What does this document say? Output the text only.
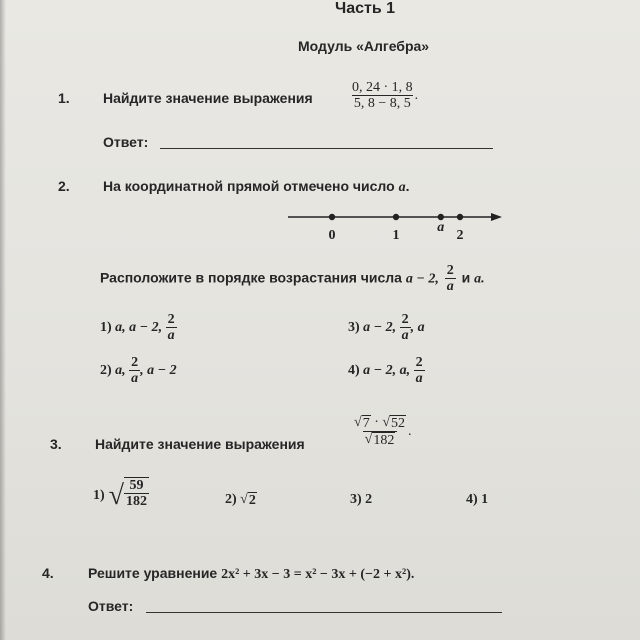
Часть 1
Модуль «Алгебра»
1. Найдите значение выражения	$\frac{0, 24 \cdot 1, 8}{5, 8 - 8, 5}$ .
Ответ:
2. На координатной прямой отмечено число a.
0	1
a
2
Расположите в порядке возрастания числа a − 2, $\frac{2}{a}$ и a.
1) a, a − 2, $\frac{2}{a}$	3) a − 2, $\frac{2}{a}$ , a
2) a, $\frac{2}{a}$ , a − 2	4) a − 2, a, $\frac{2}{a}$
3. Найдите значение выражения	$\frac{√ 7 \cdot √ 52}{√ 182}$ .
1) √ $\frac{59}{182}$	2) √ 2	3) 2	4) 1
4. Решите уравнение 2x² + 3x − 3 = x² − 3x + (−2 + x²).
Ответ:
